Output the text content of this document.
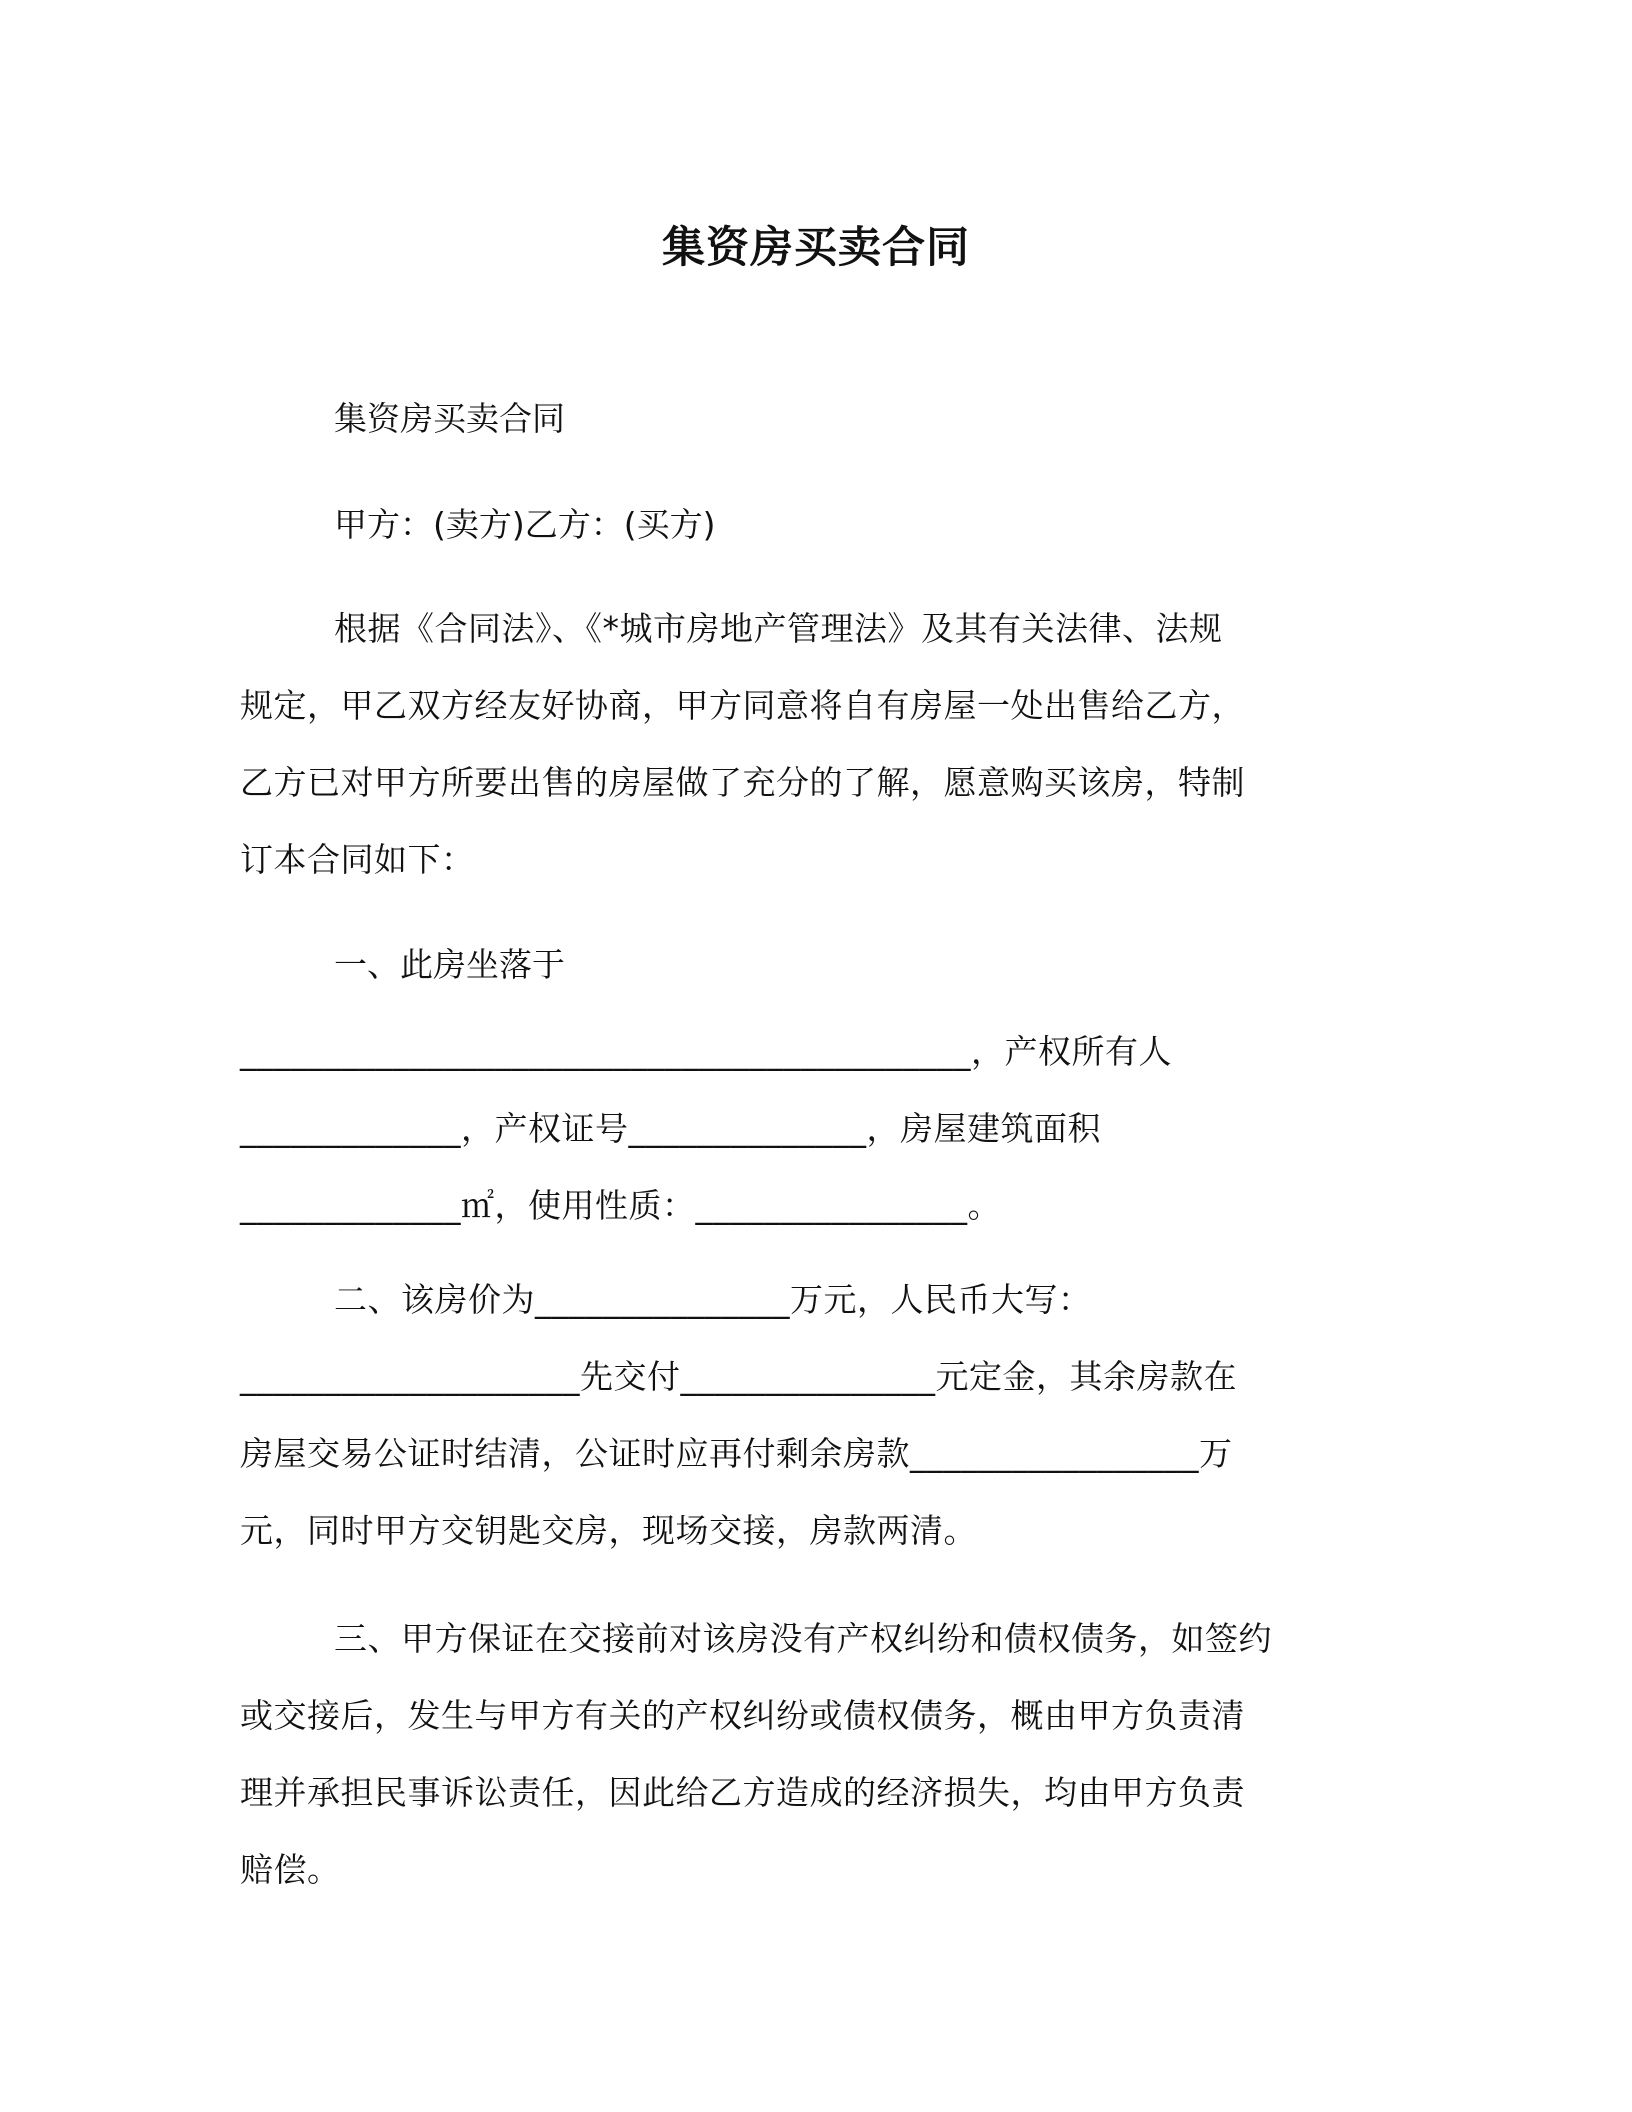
集资房买卖合同
集资房买卖合同
甲方：(卖方)乙方：(买方)

根据《合同法》、《*城市房地产管理法》及其有关法律、法规

规定，甲乙双方经友好协商，甲方同意将自有房屋一处出售给乙方，

乙方已对甲方所要出售的房屋做了充分的了解，愿意购买该房，特制

订本合同如下：

一、此房坐落于

___________________________________________，产权所有人

_____________，产权证号______________，房屋建筑面积

_____________㎡，使用性质：________________。

二、该房价为_______________万元，人民币大写：

____________________先交付_______________元定金，其余房款在

房屋交易公证时结清，公证时应再付剩余房款_________________万

元，同时甲方交钥匙交房，现场交接，房款两清。

三、甲方保证在交接前对该房没有产权纠纷和债权债务，如签约

或交接后，发生与甲方有关的产权纠纷或债权债务，概由甲方负责清

理并承担民事诉讼责任，因此给乙方造成的经济损失，均由甲方负责

赔偿。
